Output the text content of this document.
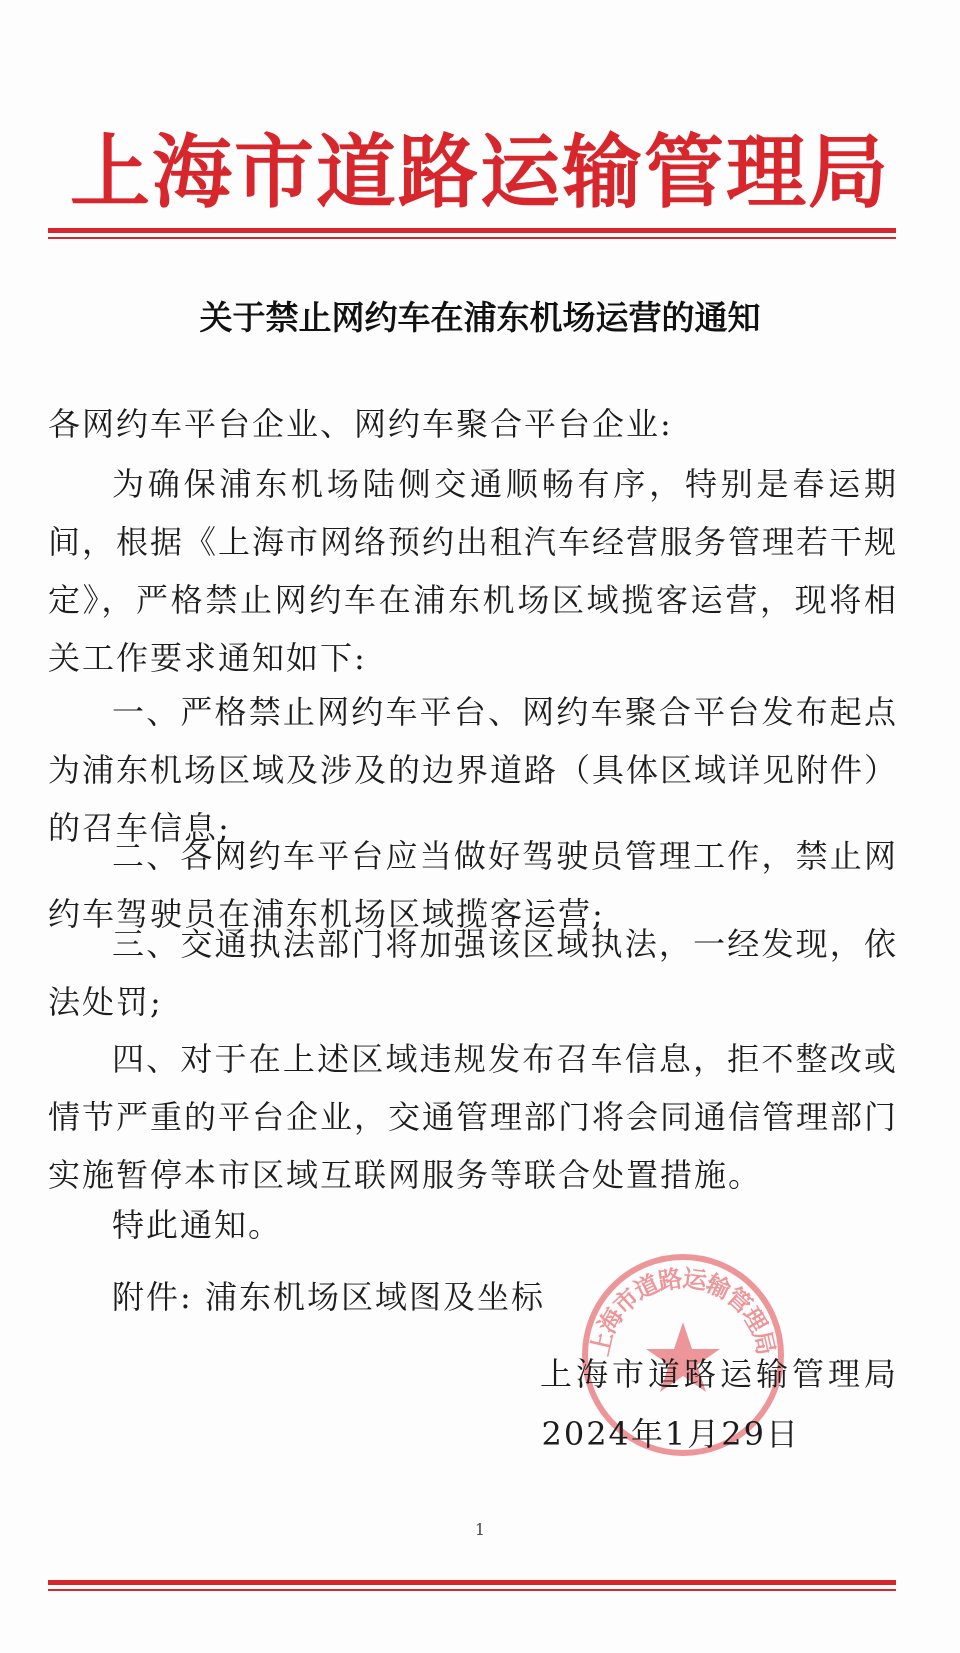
上海市道路运输管理局
关于禁止网约车在浦东机场运营的通知
各网约车平台企业、网约车聚合平台企业:
为确保浦东机场陆侧交通顺畅有序，特别是春运期间，根据《上海市网络预约出租汽车经营服务管理若干规定》，严格禁止网约车在浦东机场区域揽客运营，现将相关工作要求通知如下:
一、严格禁止网约车平台、网约车聚合平台发布起点为浦东机场区域及涉及的边界道路（具体区域详见附件）的召车信息;
二、各网约车平台应当做好驾驶员管理工作，禁止网约车驾驶员在浦东机场区域揽客运营;
三、交通执法部门将加强该区域执法，一经发现，依法处罚;
四、对于在上述区域违规发布召车信息，拒不整改或情节严重的平台企业，交通管理部门将会同通信管理部门实施暂停本市区域互联网服务等联合处置措施。
特此通知。
附件: 浦东机场区域图及坐标
上海市道路运输管理局
上海市道路运输管理局
2024年1月29日
1
